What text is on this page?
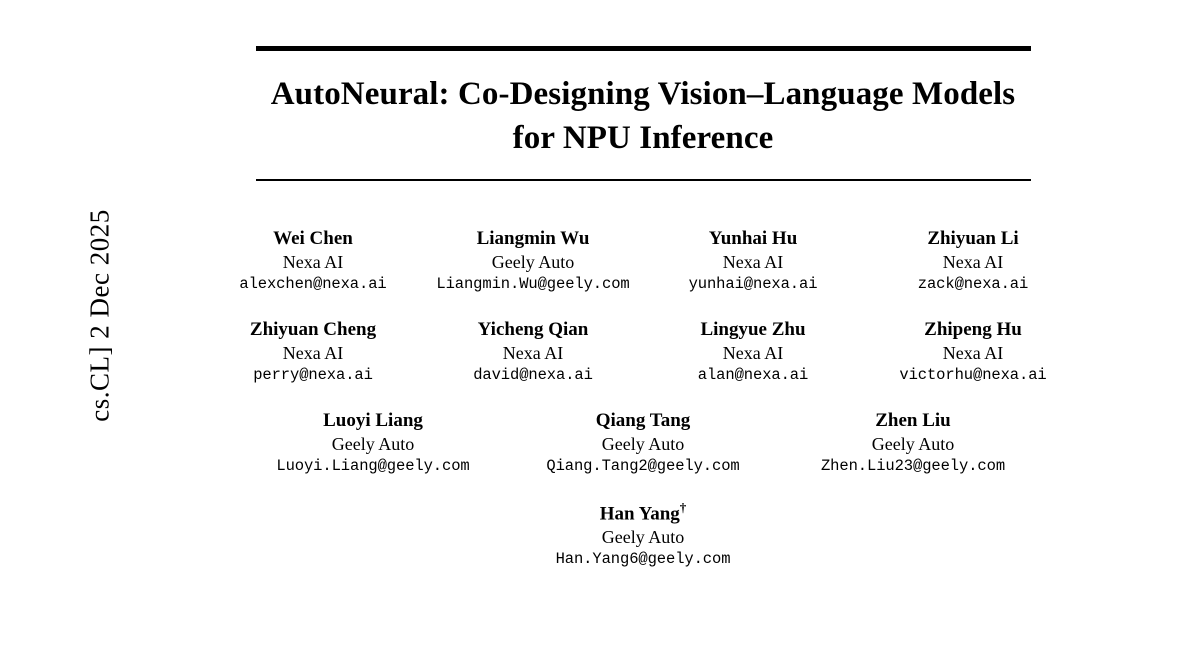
cs.CL] 2 Dec 2025
AutoNeural: Co-Designing Vision–Language Models
for NPU Inference
Wei Chen
Nexa AI
alexchen@nexa.ai
Liangmin Wu
Geely Auto
Liangmin.Wu@geely.com
Yunhai Hu
Nexa AI
yunhai@nexa.ai
Zhiyuan Li
Nexa AI
zack@nexa.ai
Zhiyuan Cheng
Nexa AI
perry@nexa.ai
Yicheng Qian
Nexa AI
david@nexa.ai
Lingyue Zhu
Nexa AI
alan@nexa.ai
Zhipeng Hu
Nexa AI
victorhu@nexa.ai
Luoyi Liang
Geely Auto
Luoyi.Liang@geely.com
Qiang Tang
Geely Auto
Qiang.Tang2@geely.com
Zhen Liu
Geely Auto
Zhen.Liu23@geely.com
Han Yang†
Geely Auto
Han.Yang6@geely.com
